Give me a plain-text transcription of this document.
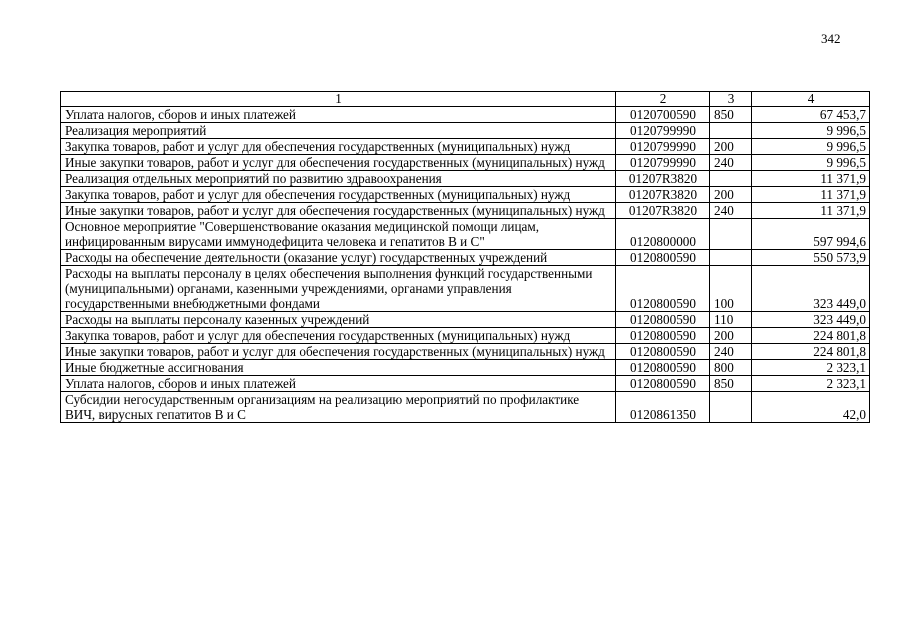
342
1	2	3	4
Уплата налогов, сборов и иных платежей	0120700590	850	67 453,7
Реализация мероприятий	0120799990		9 996,5
Закупка товаров, работ и услуг для обеспечения государственных (муниципальных) нужд	0120799990	200	9 996,5
Иные закупки товаров, работ и услуг для обеспечения государственных (муниципальных) нужд	0120799990	240	9 996,5
Реализация отдельных мероприятий по развитию здравоохранения	01207R3820		11 371,9
Закупка товаров, работ и услуг для обеспечения государственных (муниципальных) нужд	01207R3820	200	11 371,9
Иные закупки товаров, работ и услуг для обеспечения государственных (муниципальных) нужд	01207R3820	240	11 371,9
Основное мероприятие "Совершенствование оказания медицинской помощи лицам, инфицированным вирусами иммунодефицита человека и гепатитов В и С"	0120800000		597 994,6
Расходы на обеспечение деятельности (оказание услуг) государственных учреждений	0120800590		550 573,9
Расходы на выплаты персоналу в целях обеспечения выполнения функций государственными (муниципальными) органами, казенными учреждениями, органами управления государственными внебюджетными фондами	0120800590	100	323 449,0
Расходы на выплаты персоналу казенных учреждений	0120800590	110	323 449,0
Закупка товаров, работ и услуг для обеспечения государственных (муниципальных) нужд	0120800590	200	224 801,8
Иные закупки товаров, работ и услуг для обеспечения государственных (муниципальных) нужд	0120800590	240	224 801,8
Иные бюджетные ассигнования	0120800590	800	2 323,1
Уплата налогов, сборов и иных платежей	0120800590	850	2 323,1
Субсидии негосударственным организациям на реализацию мероприятий по профилактике ВИЧ, вирусных гепатитов В и С	0120861350		42,0
